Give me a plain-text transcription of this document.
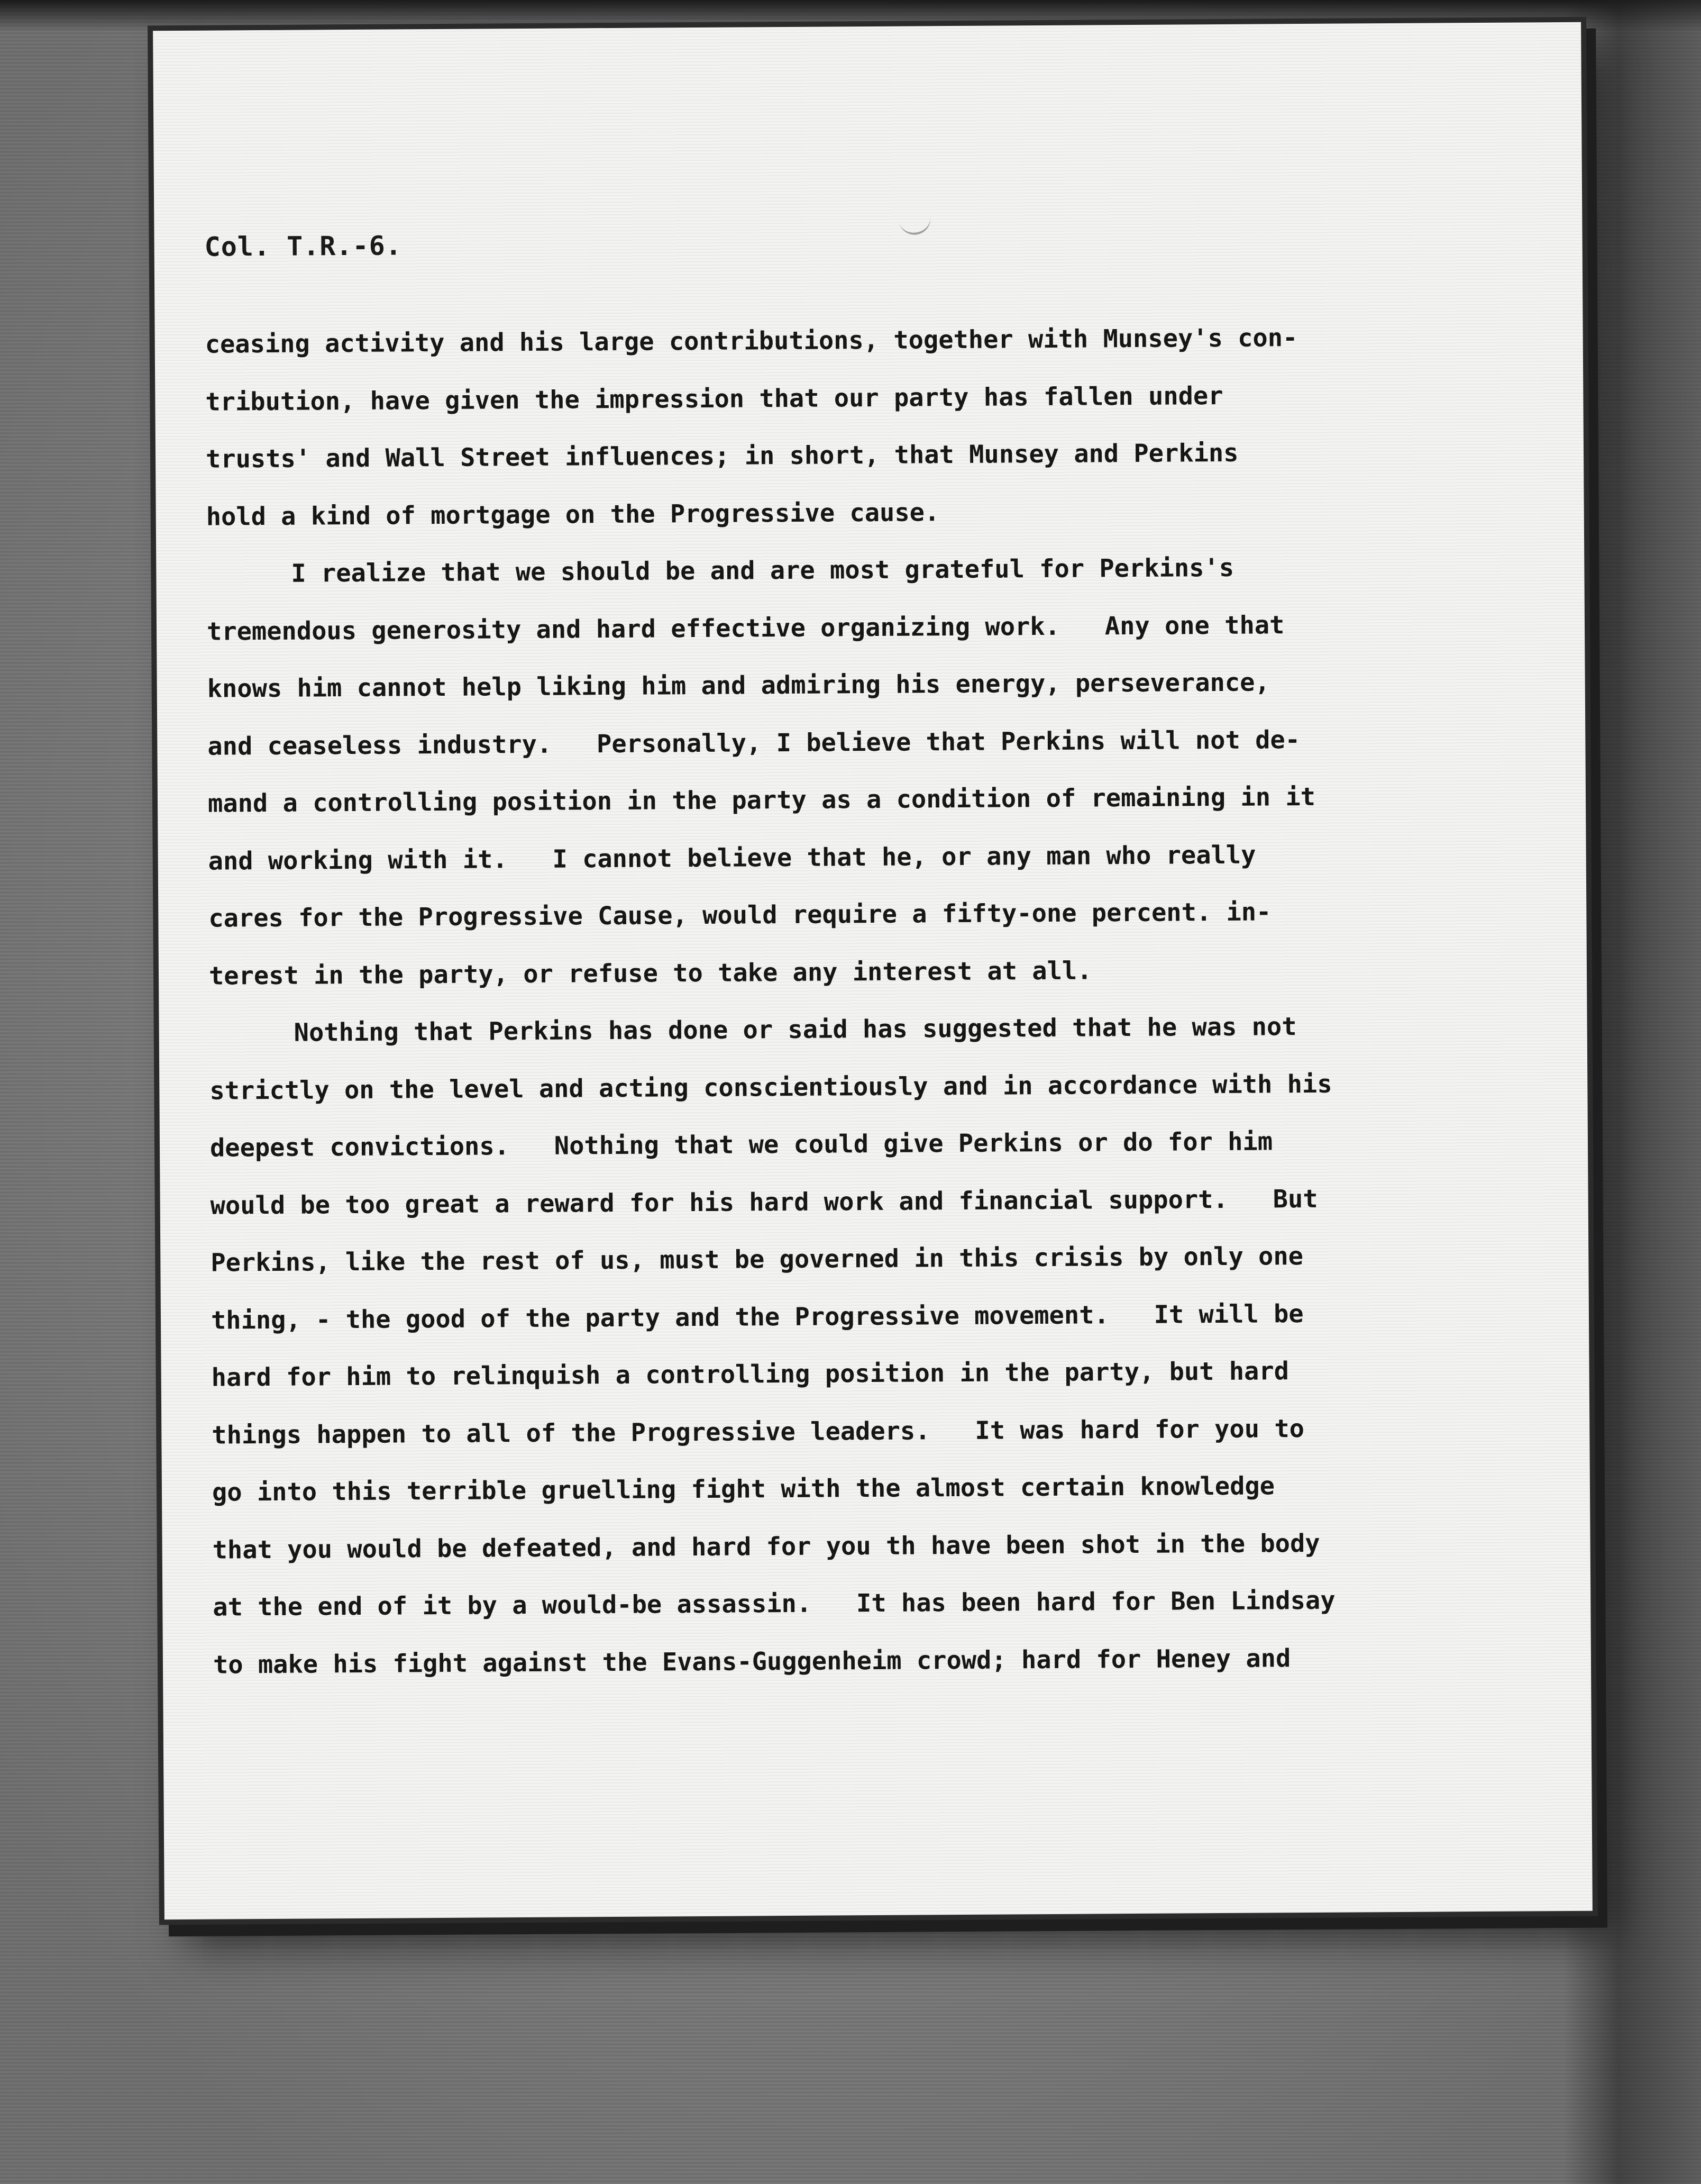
Col. T.R.-6.
ceasing activity and his large contributions, together with Munsey's con-
tribution, have given the impression that our party has fallen under
trusts' and Wall Street influences; in short, that Munsey and Perkins
hold a kind of mortgage on the Progressive cause.
I realize that we should be and are most grateful for Perkins's
tremendous generosity and hard effective organizing work.   Any one that
knows him cannot help liking him and admiring his energy, perseverance,
and ceaseless industry.   Personally, I believe that Perkins will not de-
mand a controlling position in the party as a condition of remaining in it
and working with it.   I cannot believe that he, or any man who really
cares for the Progressive Cause, would require a fifty-one percent. in-
terest in the party, or refuse to take any interest at all.
Nothing that Perkins has done or said has suggested that he was not
strictly on the level and acting conscientiously and in accordance with his
deepest convictions.   Nothing that we could give Perkins or do for him
would be too great a reward for his hard work and financial support.   But
Perkins, like the rest of us, must be governed in this crisis by only one
thing, - the good of the party and the Progressive movement.   It will be
hard for him to relinquish a controlling position in the party, but hard
things happen to all of the Progressive leaders.   It was hard for you to
go into this terrible gruelling fight with the almost certain knowledge
that you would be defeated, and hard for you th have been shot in the body
at the end of it by a would-be assassin.   It has been hard for Ben Lindsay
to make his fight against the Evans-Guggenheim crowd; hard for Heney and
